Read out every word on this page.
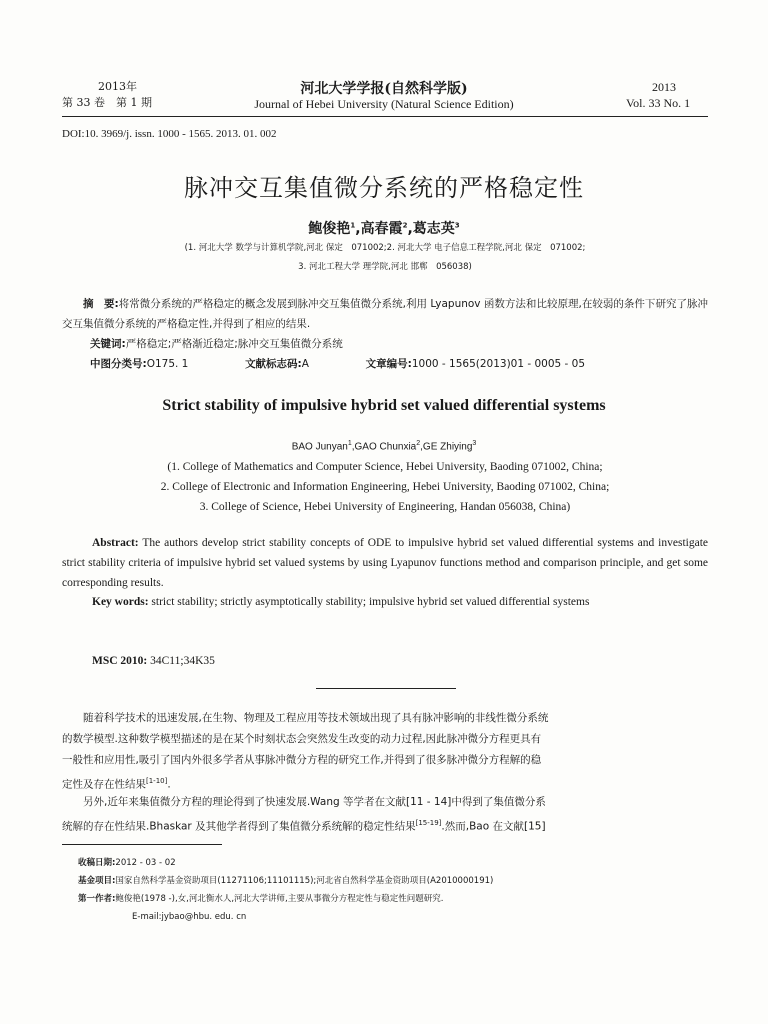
2013年
第 33 卷　第 1 期
河北大学学报(自然科学版)
Journal of Hebei University (Natural Science Edition)
2013
Vol. 33 No. 1
DOI:10. 3969/j. issn. 1000 - 1565. 2013. 01. 002
脉冲交互集值微分系统的严格稳定性
鲍俊艳$^1$,高春霞$^2$,葛志英$^3$
(1. 河北大学 数学与计算机学院,河北 保定　071002;2. 河北大学 电子信息工程学院,河北 保定　071002;
3. 河北工程大学 理学院,河北 邯郸　056038)
摘　要:将常微分系统的严格稳定的概念发展到脉冲交互集值微分系统,利用 Lyapunov 函数方法和比较原理,在较弱的条件下研究了脉冲交互集值微分系统的严格稳定性,并得到了相应的结果.
关键词:严格稳定;严格渐近稳定;脉冲交互集值微分系统
中图分类号:O175. 1	文献标志码:A	文章编号:1000 - 1565(2013)01 - 0005 - 05
Strict stability of impulsive hybrid set valued differential systems
BAO Junyan$^1$,GAO Chunxia$^2$,GE Zhiying$^3$
(1. College of Mathematics and Computer Science, Hebei University, Baoding 071002, China;
2. College of Electronic and Information Engineering, Hebei University, Baoding 071002, China;
3. College of Science, Hebei University of Engineering, Handan 056038, China)
Abstract: The authors develop strict stability concepts of ODE to impulsive hybrid set valued differential systems and investigate strict stability criteria of impulsive hybrid set valued systems by using Lyapunov functions method and comparison principle, and get some corresponding results.
Key words: strict stability; strictly asymptotically stability; impulsive hybrid set valued differential systems
MSC 2010: 34C11;34K35
随着科学技术的迅速发展,在生物、物理及工程应用等技术领域出现了具有脉冲影响的非线性微分系统
的数学模型.这种数学模型描述的是在某个时刻状态会突然发生改变的动力过程,因此脉冲微分方程更具有
一般性和应用性,吸引了国内外很多学者从事脉冲微分方程的研究工作,并得到了很多脉冲微分方程解的稳
定性及存在性结果[1-10].
另外,近年来集值微分方程的理论得到了快速发展.Wang 等学者在文献[11 - 14]中得到了集值微分系
统解的存在性结果.Bhaskar 及其他学者得到了集值微分系统解的稳定性结果[15-19].然而,Bao 在文献[15]
收稿日期:2012 - 03 - 02
基金项目:国家自然科学基金资助项目(11271106;11101115);河北省自然科学基金资助项目(A2010000191)
第一作者:鲍俊艳(1978 -),女,河北衡水人,河北大学讲师,主要从事微分方程定性与稳定性问题研究.
E-mail:jybao@hbu. edu. cn
